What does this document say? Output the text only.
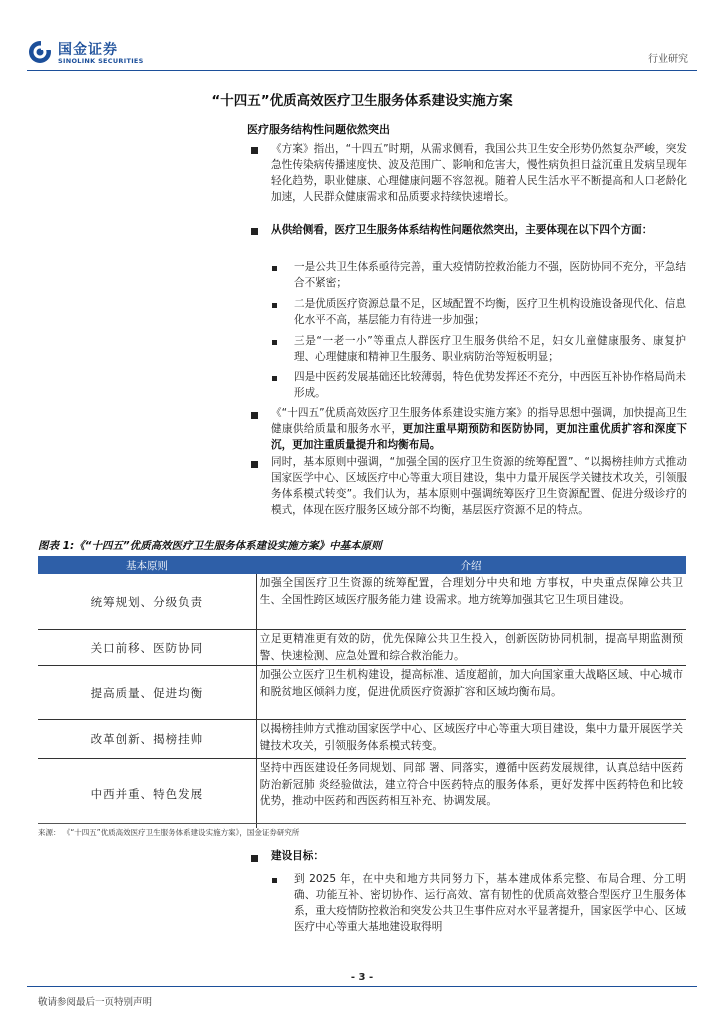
国金证券
SINOLINK SECURITIES	行业研究
“十四五”优质高效医疗卫生服务体系建设实施方案
医疗服务结构性问题依然突出
《方案》指出，“十四五”时期，从需求侧看，我国公共卫生安全形势仍然复杂严峻，突发急性传染病传播速度快、波及范围广、影响和危害大，慢性病负担日益沉重且发病呈现年轻化趋势，职业健康、心理健康问题不容忽视。随着人民生活水平不断提高和人口老龄化加速，人民群众健康需求和品质要求持续快速增长。
从供给侧看，医疗卫生服务体系结构性问题依然突出，主要体现在以下四个方面：
一是公共卫生体系亟待完善，重大疫情防控救治能力不强，医防协同不充分，平急结合不紧密；
二是优质医疗资源总量不足，区域配置不均衡，医疗卫生机构设施设备现代化、信息化水平不高，基层能力有待进一步加强；
三是“一老一小”等重点人群医疗卫生服务供给不足，妇女儿童健康服务、康复护理、心理健康和精神卫生服务、职业病防治等短板明显；
四是中医药发展基础还比较薄弱，特色优势发挥还不充分，中西医互补协作格局尚未形成。
《“十四五”优质高效医疗卫生服务体系建设实施方案》的指导思想中强调，加快提高卫生健康供给质量和服务水平，更加注重早期预防和医防协同，更加注重优质扩容和深度下沉，更加注重质量提升和均衡布局。
同时，基本原则中强调，“加强全国的医疗卫生资源的统筹配置”、“以揭榜挂帅方式推动国家医学中心、区域医疗中心等重大项目建设，集中力量开展医学关键技术攻关，引领服务体系模式转变”。我们认为，基本原则中强调统筹医疗卫生资源配置、促进分级诊疗的模式，体现在医疗服务区域分部不均衡，基层医疗资源不足的特点。
图表 1:《“十四五”优质高效医疗卫生服务体系建设实施方案》中基本原则
基本原则	介绍
统筹规划、分级负责
加强全国医疗卫生资源的统筹配置，合理划分中央和地 方事权，中央重点保障公共卫生、全国性跨区域医疗服务能力建 设需求。地方统筹加强其它卫生项目建设。
关口前移、医防协同
立足更精准更有效的防，优先保障公共卫生投入，创新医防协同机制，提高早期监测预警、快速检测、应急处置和综合救治能力。
提高质量、促进均衡
加强公立医疗卫生机构建设，提高标准、适度超前，加大向国家重大战略区域、中心城市和脱贫地区倾斜力度，促进优质医疗资源扩容和区域均衡布局。
改革创新、揭榜挂帅
以揭榜挂帅方式推动国家医学中心、区域医疗中心等重大项目建设，集中力量开展医学关键技术攻关，引领服务体系模式转变。
中西并重、特色发展
坚持中西医建设任务同规划、同部 署、同落实，遵循中医药发展规律，认真总结中医药防治新冠肺 炎经验做法，建立符合中医药特点的服务体系，更好发挥中医药特色和比较优势，推动中医药和西医药相互补充、协调发展。
来源： 《“十四五”优质高效医疗卫生服务体系建设实施方案》，国金证券研究所
建设目标：
到 2025 年，在中央和地方共同努力下，基本建成体系完整、布局合理、分工明确、功能互补、密切协作、运行高效、富有韧性的优质高效整合型医疗卫生服务体系，重大疫情防控救治和突发公共卫生事件应对水平显著提升，国家医学中心、区域医疗中心等重大基地建设取得明
- 3 -
敬请参阅最后一页特别声明
